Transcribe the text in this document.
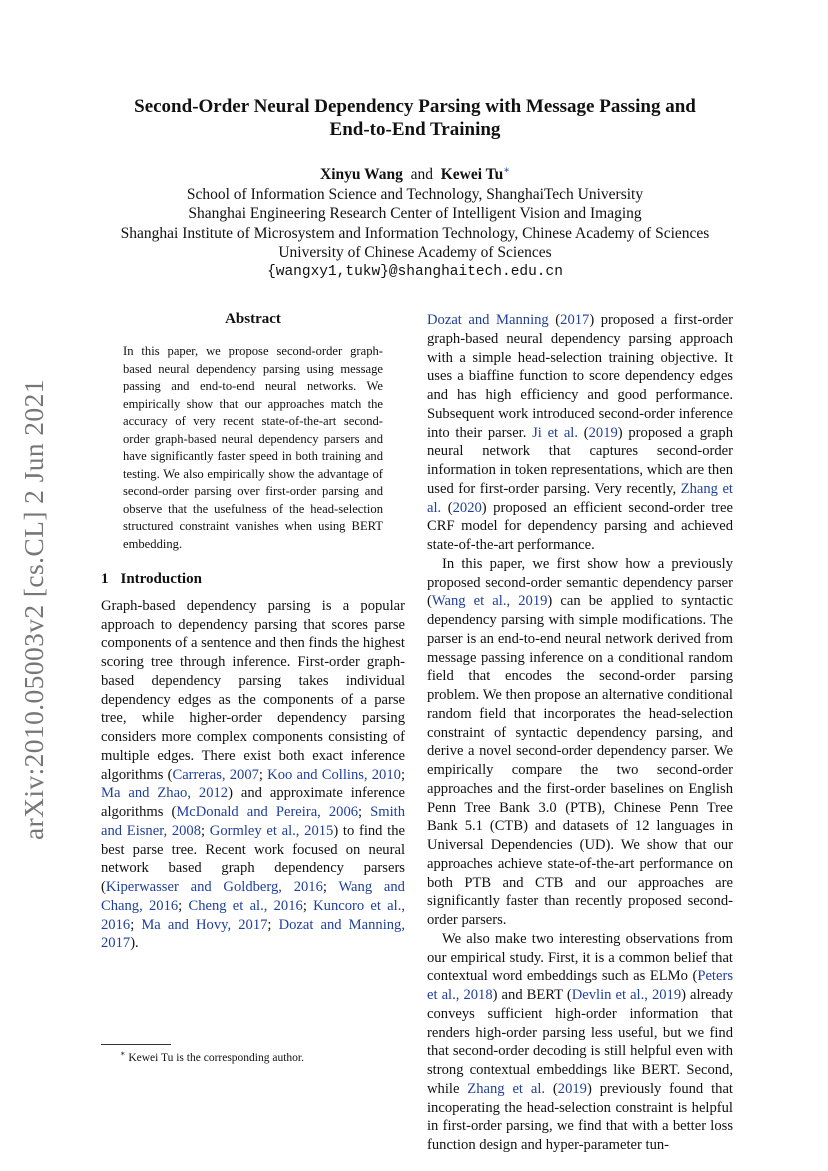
Second-Order Neural Dependency Parsing with Message Passing and
End-to-End Training
Xinyu Wang and Kewei Tu∗
School of Information Science and Technology, ShanghaiTech University
Shanghai Engineering Research Center of Intelligent Vision and Imaging
Shanghai Institute of Microsystem and Information Technology, Chinese Academy of Sciences
University of Chinese Academy of Sciences
{wangxy1,tukw}@shanghaitech.edu.cn
arXiv:2010.05003v2 [cs.CL] 2 Jun 2021
Abstract
In this paper, we propose second-order graph-based neural dependency parsing using message passing and end-to-end neural networks. We empirically show that our approaches match the accuracy of very recent state-of-the-art second-order graph-based neural dependency parsers and have significantly faster speed in both training and testing. We also empirically show the advantage of second-order parsing over first-order parsing and observe that the usefulness of the head-selection structured constraint vanishes when using BERT embedding.
1 Introduction

Graph-based dependency parsing is a popular approach to dependency parsing that scores parse components of a sentence and then finds the highest scoring tree through inference. First-order graph-based dependency parsing takes individual dependency edges as the components of a parse tree, while higher-order dependency parsing considers more complex components consisting of multiple edges. There exist both exact inference algorithms (Carreras, 2007; Koo and Collins, 2010; Ma and Zhao, 2012) and approximate inference algorithms (McDonald and Pereira, 2006; Smith and Eisner, 2008; Gormley et al., 2015) to find the best parse tree. Recent work focused on neural network based graph dependency parsers (Kiperwasser and Goldberg, 2016; Wang and Chang, 2016; Cheng et al., 2016; Kuncoro et al., 2016; Ma and Hovy, 2017; Dozat and Manning, 2017).

Dozat and Manning (2017) proposed a first-order graph-based neural dependency parsing approach with a simple head-selection training objective. It uses a biaffine function to score dependency edges and has high efficiency and good performance. Subsequent work introduced second-order inference into their parser. Ji et al. (2019) proposed a graph neural network that captures second-order information in token representations, which are then used for first-order parsing. Very recently, Zhang et al. (2020) proposed an efficient second-order tree CRF model for dependency parsing and achieved state-of-the-art performance.

In this paper, we first show how a previously proposed second-order semantic dependency parser (Wang et al., 2019) can be applied to syntactic dependency parsing with simple modifications. The parser is an end-to-end neural network derived from message passing inference on a conditional random field that encodes the second-order parsing problem. We then propose an alternative conditional random field that incorporates the head-selection constraint of syntactic dependency parsing, and derive a novel second-order dependency parser. We empirically compare the two second-order approaches and the first-order baselines on English Penn Tree Bank 3.0 (PTB), Chinese Penn Tree Bank 5.1 (CTB) and datasets of 12 languages in Universal Dependencies (UD). We show that our approaches achieve state-of-the-art performance on both PTB and CTB and our approaches are significantly faster than recently proposed second-order parsers.

We also make two interesting observations from our empirical study. First, it is a common belief that contextual word embeddings such as ELMo (Peters et al., 2018) and BERT (Devlin et al., 2019) already conveys sufficient high-order information that renders high-order parsing less useful, but we find that second-order decoding is still helpful even with strong contextual embeddings like BERT. Second, while Zhang et al. (2019) previously found that incoperating the head-selection constraint is helpful in first-order parsing, we find that with a better loss function design and hyper-parameter tun-

∗ Kewei Tu is the corresponding author.
